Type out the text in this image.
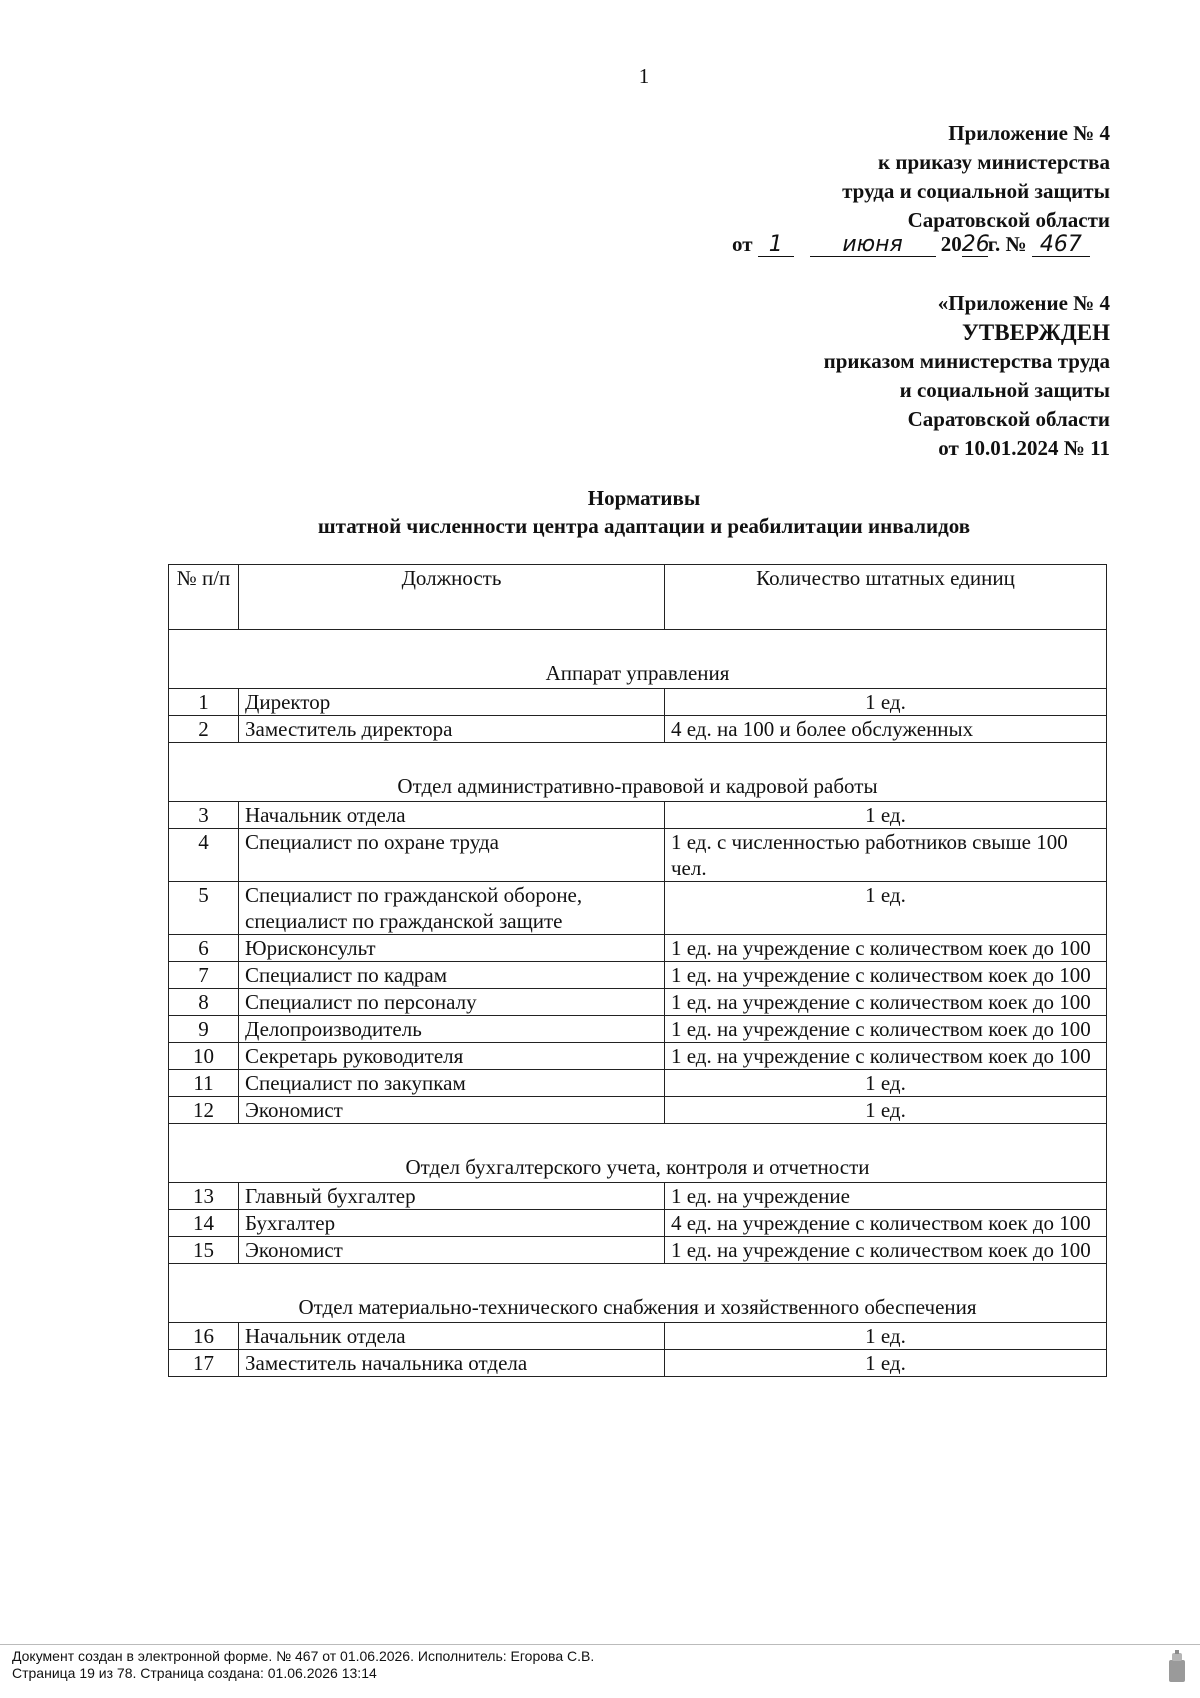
1
Приложение № 4
к приказу министерства
труда и социальной защиты
Саратовской области
от 1	июня 2026г. № 467
«Приложение № 4
УТВЕРЖДЕН
приказом министерства труда
и социальной защиты
Саратовской области
от 10.01.2024 № 11
Нормативы
штатной численности центра адаптации и реабилитации инвалидов
№ п/п	Должность	Количество штатных единиц
Аппарат управления		
1	Директор	1 ед.
2	Заместитель директора	4 ед. на 100 и более обслуженных
Отдел административно-правовой и кадровой работы		
3	Начальник отдела	1 ед.
4	Специалист по охране труда	1 ед. с численностью работников свыше 100 чел.
5	Специалист по гражданской обороне, специалист по гражданской защите	1 ед.
6	Юрисконсульт	1 ед. на учреждение с количеством коек до 100
7	Специалист по кадрам	1 ед. на учреждение с количеством коек до 100
8	Специалист по персоналу	1 ед. на учреждение с количеством коек до 100
9	Делопроизводитель	1 ед. на учреждение с количеством коек до 100
10	Секретарь руководителя	1 ед. на учреждение с количеством коек до 100
11	Специалист по закупкам	1 ед.
12	Экономист	1 ед.
Отдел бухгалтерского учета, контроля и отчетности		
13	Главный бухгалтер	1 ед. на учреждение
14	Бухгалтер	4 ед. на учреждение с количеством коек до 100
15	Экономист	1 ед. на учреждение с количеством коек до 100
Отдел материально-технического снабжения и хозяйственного обеспечения		
16	Начальник отдела	1 ед.
17	Заместитель начальника отдела	1 ед.
Документ создан в электронной форме. № 467 от 01.06.2026. Исполнитель: Егорова С.В.
Страница 19 из 78. Страница создана: 01.06.2026 13:14
